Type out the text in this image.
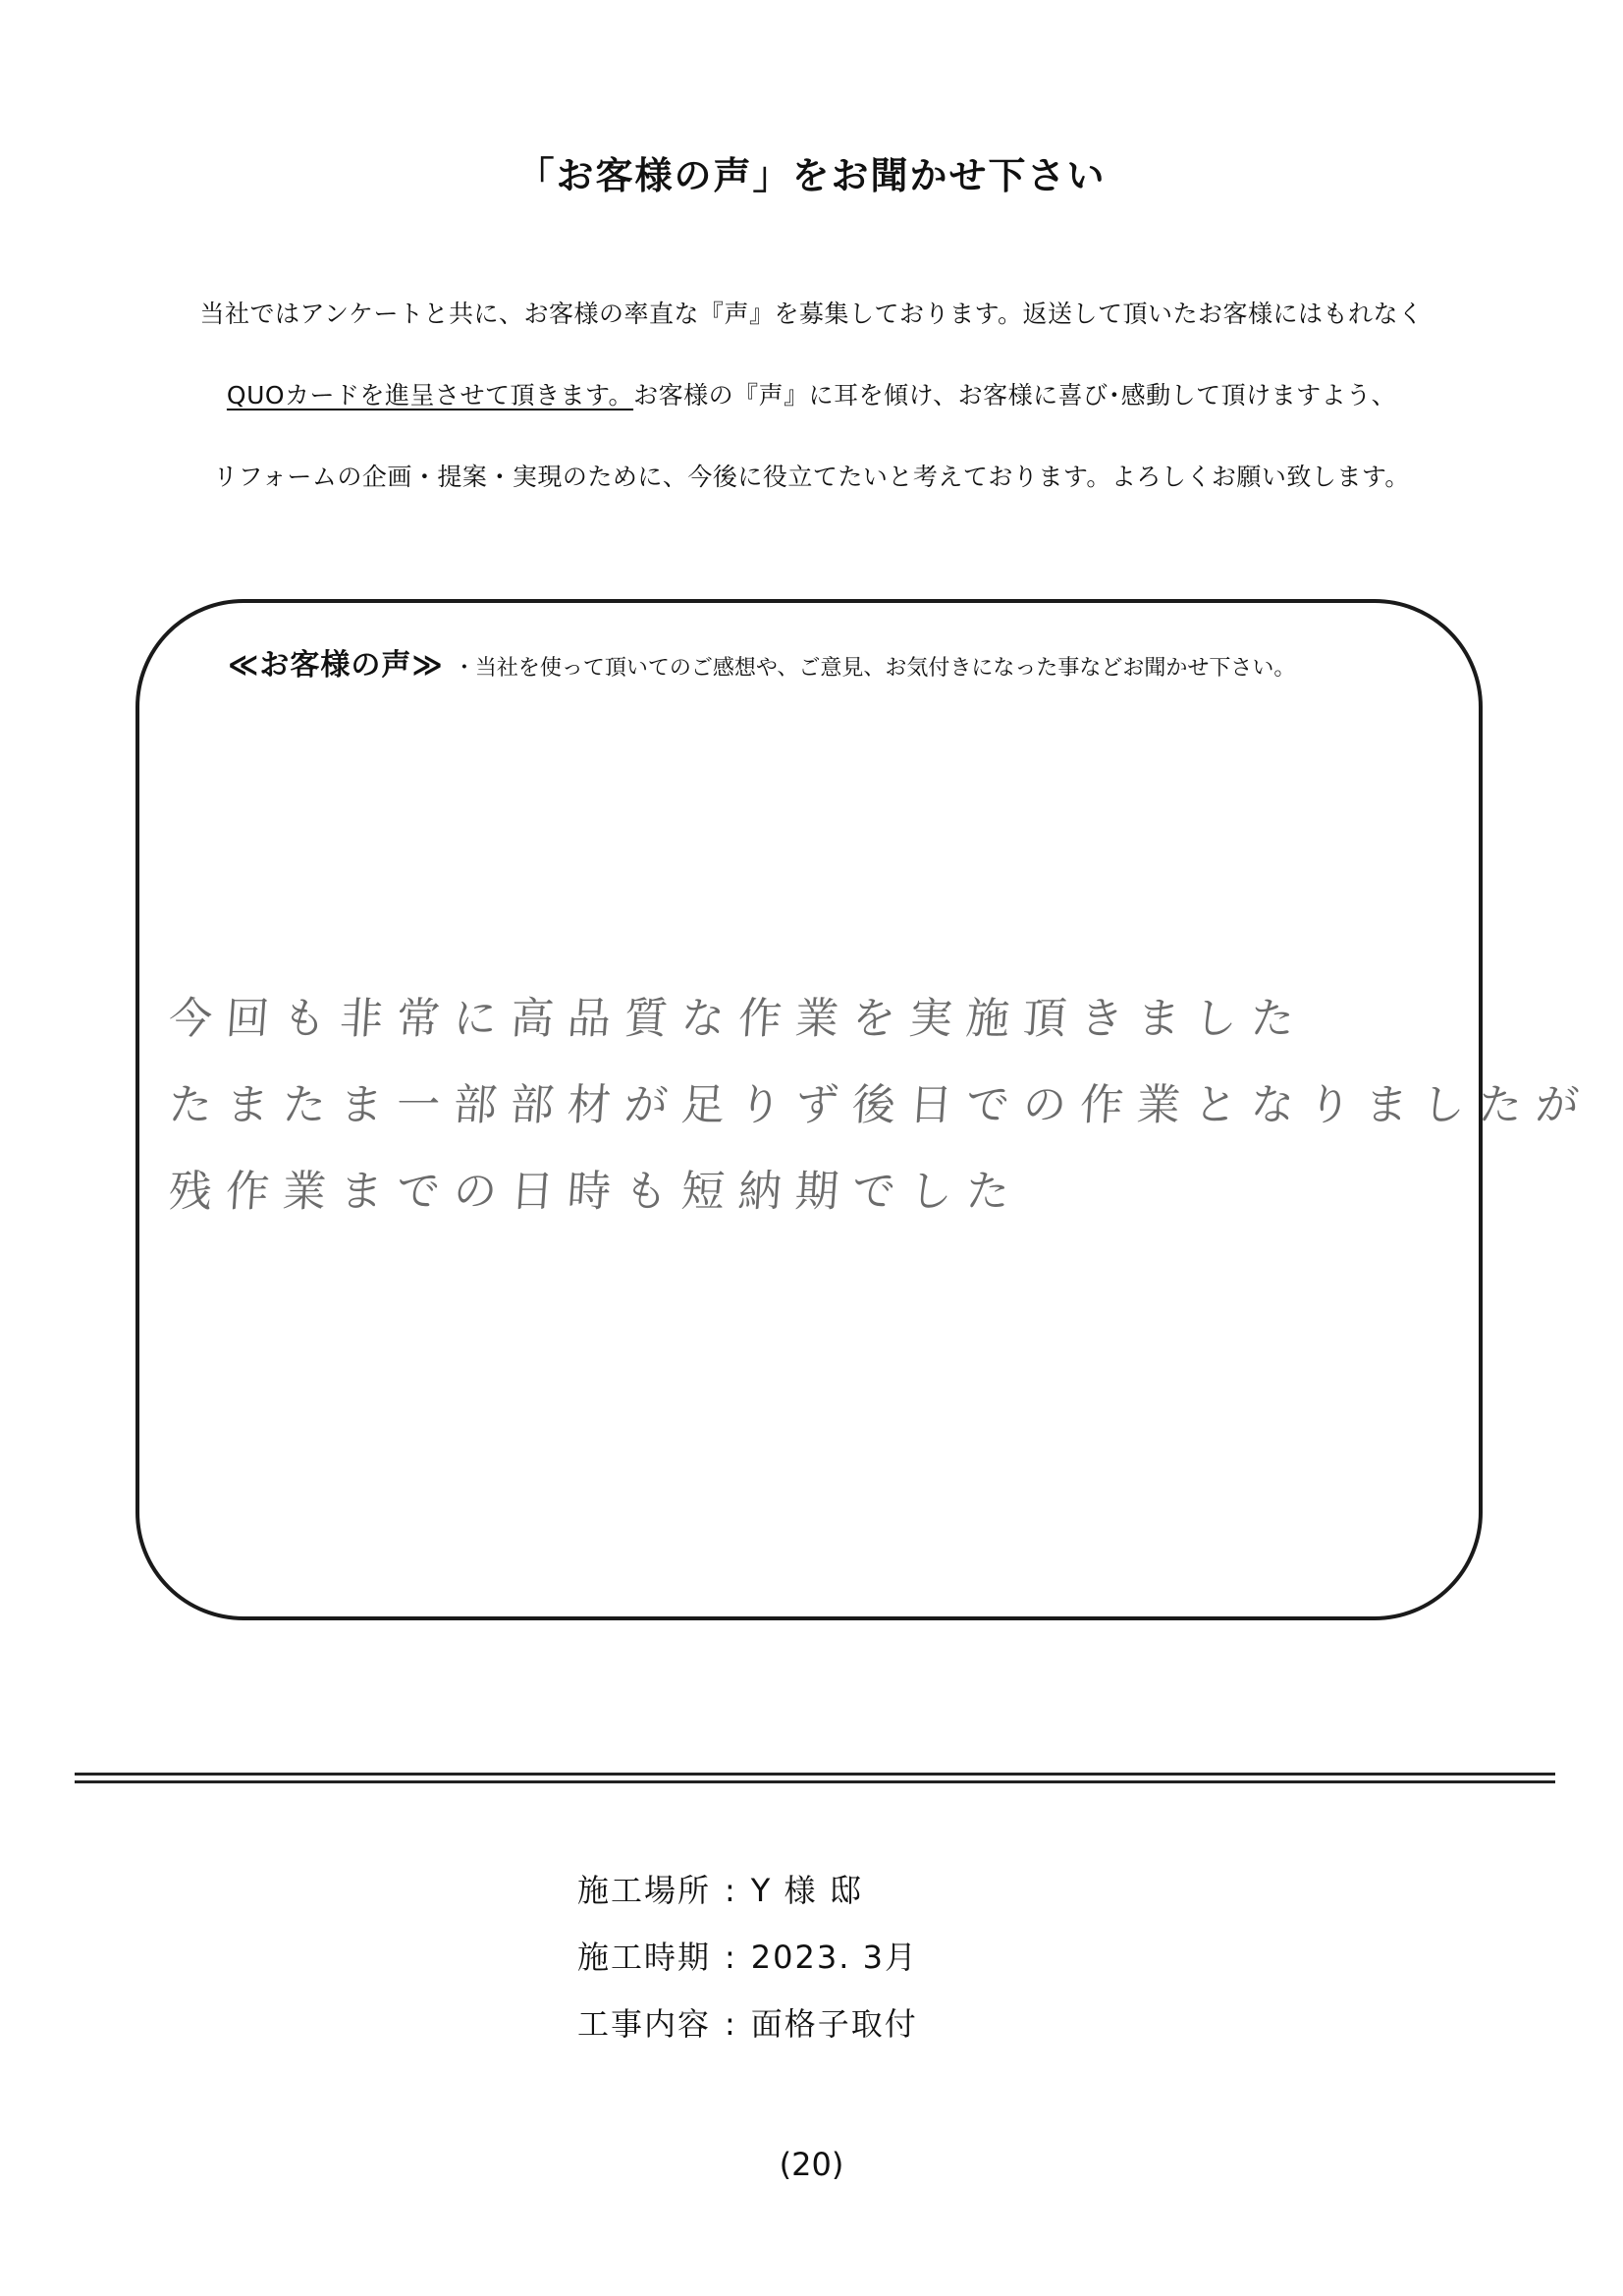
「お客様の声」をお聞かせ下さい
当社ではアンケートと共に、お客様の率直な『声』を募集しております。返送して頂いたお客様にはもれなく
QUOカードを進呈させて頂きます。お客様の『声』に耳を傾け、お客様に喜び･感動して頂けますよう、
リフォームの企画・提案・実現のために、今後に役立てたいと考えております。よろしくお願い致します。
≪お客様の声≫ ・当社を使って頂いてのご感想や、ご意見、お気付きになった事などお聞かせ下さい。
今回も非常に高品質な作業を実施頂きました
たまたま一部部材が足りず後日での作業となりましたが
残作業までの日時も短納期でした
施工場所 : Y 様 邸
施工時期 : 2023. 3月
工事内容 : 面格子取付
(20)
